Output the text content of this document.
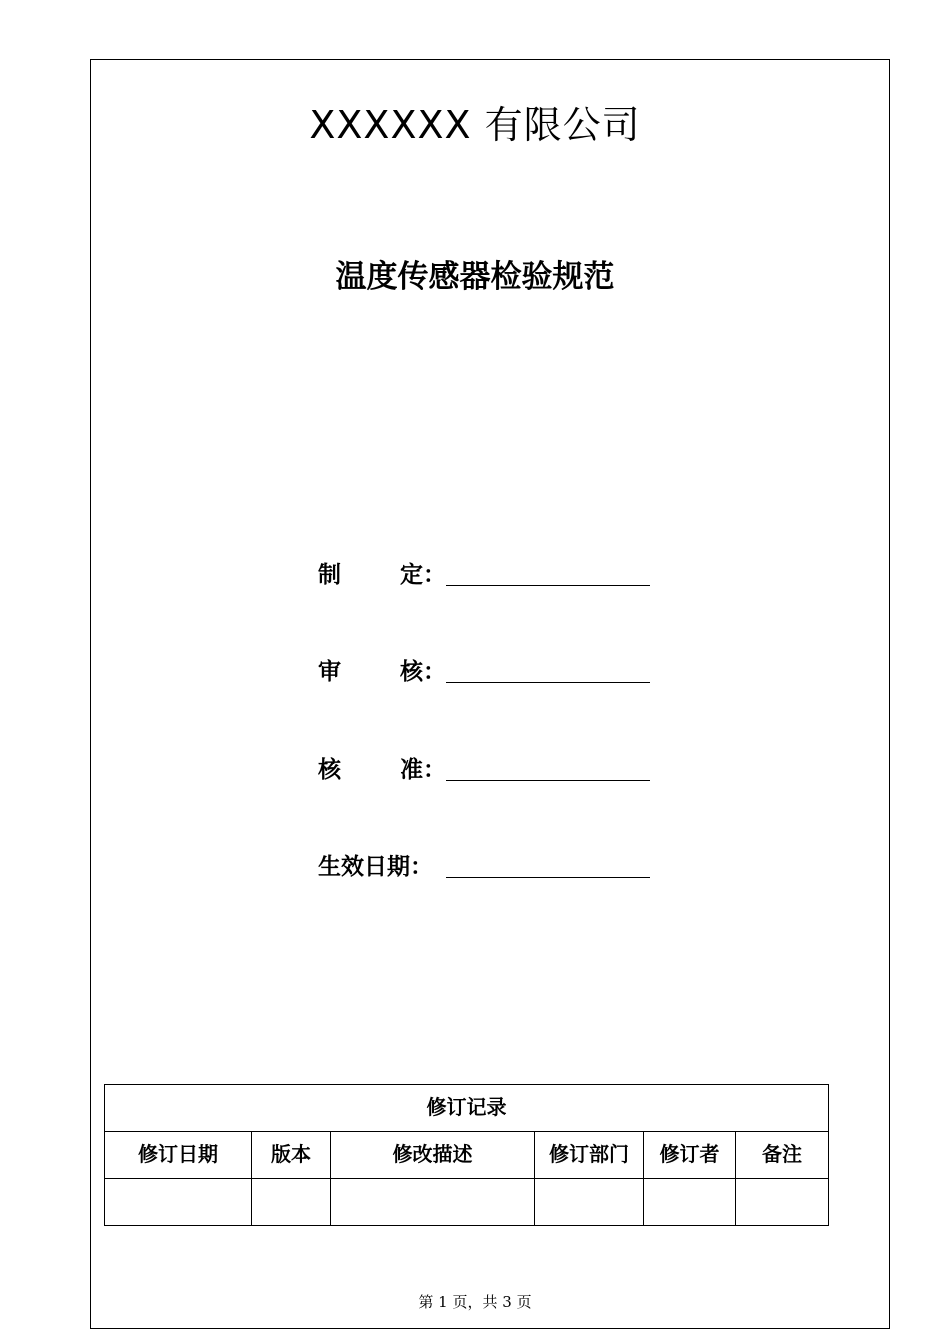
XXXXXX 有限公司
温度传感器检验规范
制	定：
审	核：
核	准：
生效日期 ：
修订记录					
修订日期	版本	修改描述	修订部门	修订者	备注

第 1 页，共 3 页
